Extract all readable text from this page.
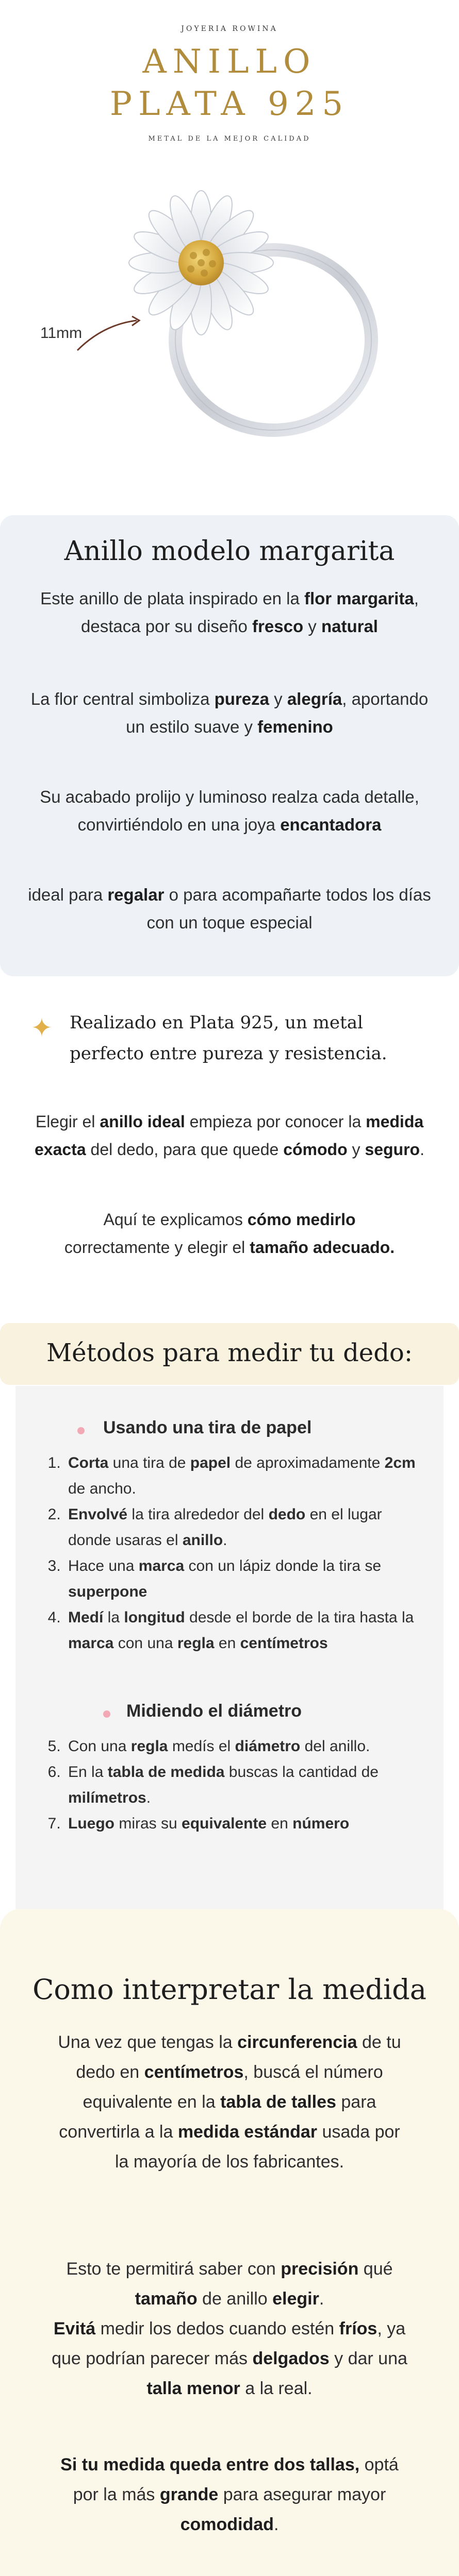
JOYERIA ROWINA
ANILLO
PLATA 925
METAL DE LA MEJOR CALIDAD
11mm
Anillo modelo margarita
Este anillo de plata inspirado en la flor margarita, destaca por su diseño fresco y natural
La flor central simboliza pureza y alegría, aportando un estilo suave y femenino
Su acabado prolijo y luminoso realza cada detalle, convirtiéndolo en una joya encantadora
ideal para regalar o para acompañarte todos los días con un toque especial
✦ Realizado en Plata 925, un metal
perfecto entre pureza y resistencia.
Elegir el anillo ideal empieza por conocer la medida exacta del dedo, para que quede cómodo y seguro.
Aquí te explicamos cómo medirlo correctamente y elegir el tamaño adecuado.
Métodos para medir tu dedo:
Usando una tira de papel
1. Corta una tira de papel de aproximadamente 2cm de ancho.
2. Envolvé la tira alrededor del dedo en el lugar donde usaras el anillo.
3. Hace una marca con un lápiz donde la tira se superpone
4. Medí la longitud desde el borde de la tira hasta la marca con una regla en centímetros
Midiendo el diámetro
5. Con una regla medís el diámetro del anillo.
6. En la tabla de medida buscas la cantidad de milímetros.
7. Luego miras su equivalente en número
Como interpretar la medida
Una vez que tengas la circunferencia de tu dedo en centímetros, buscá el número equivalente en la tabla de talles para convertirla a la medida estándar usada por la mayoría de los fabricantes.
Esto te permitirá saber con precisión qué tamaño de anillo elegir.
Evitá medir los dedos cuando estén fríos, ya que podrían parecer más delgados y dar una talla menor a la real.
Si tu medida queda entre dos tallas, optá por la más grande para asegurar mayor comodidad.
